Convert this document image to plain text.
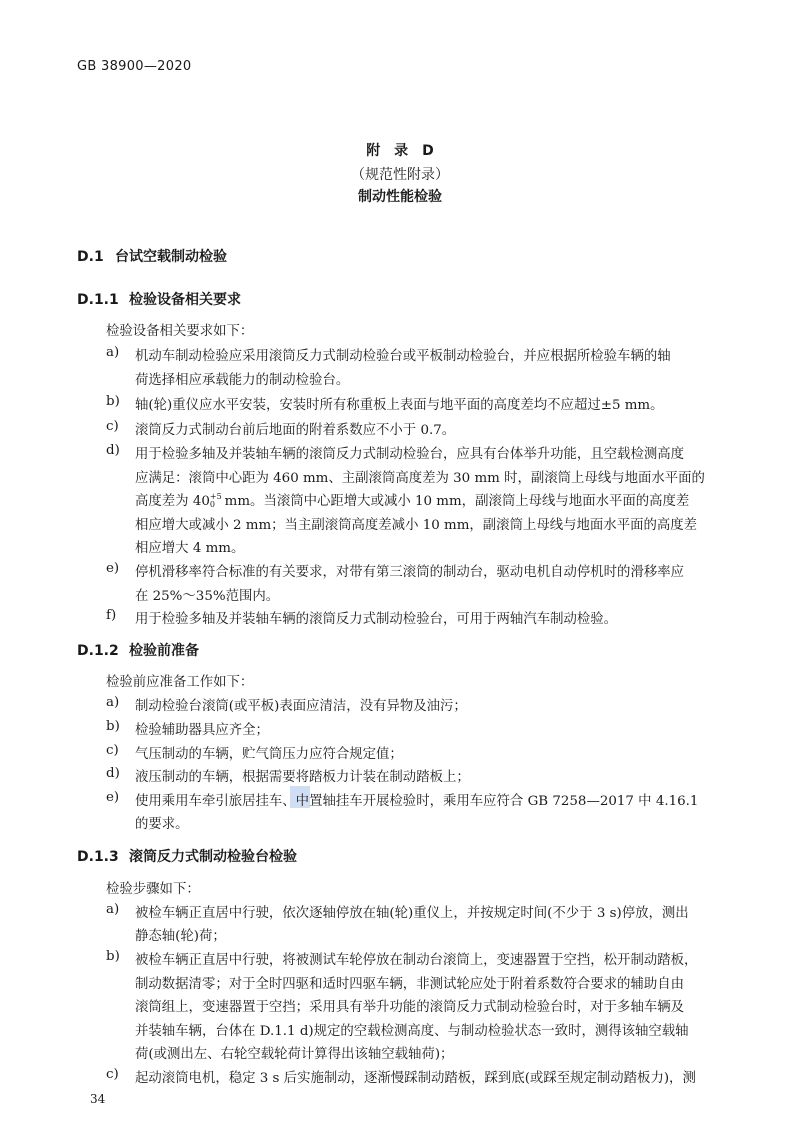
GB 38900—2020
附　录　D
（规范性附录）
制动性能检验
D.1 台试空载制动检验
D.1.1 检验设备相关要求
检验设备相关要求如下：
a) 机动车制动检验应采用滚筒反力式制动检验台或平板制动检验台，并应根据所检验车辆的轴
荷选择相应承载能力的制动检验台。
b) 轴(轮)重仪应水平安装，安装时所有称重板上表面与地平面的高度差均不应超过±5 mm。
c) 滚筒反力式制动台前后地面的附着系数应不小于 0.7。
d) 用于检验多轴及并装轴车辆的滚筒反力式制动检验台，应具有台体举升功能，且空载检测高度
应满足：滚筒中心距为 460 mm、主副滚筒高度差为 30 mm 时，副滚筒上母线与地面水平面的
高度差为 40 $^{+5 0}$ mm。当滚筒中心距增大或减小 10 mm，副滚筒上母线与地面水平面的高度差
相应增大或减小 2 mm；当主副滚筒高度差减小 10 mm，副滚筒上母线与地面水平面的高度差
相应增大 4 mm。
e) 停机滑移率符合标准的有关要求，对带有第三滚筒的制动台，驱动电机自动停机时的滑移率应
在 25%～35%范围内。
f) 用于检验多轴及并装轴车辆的滚筒反力式制动检验台，可用于两轴汽车制动检验。
D.1.2 检验前准备
检验前应准备工作如下：
a) 制动检验台滚筒(或平板)表面应清洁，没有异物及油污；
b) 检验辅助器具应齐全；
c) 气压制动的车辆，贮气筒压力应符合规定值；
d) 液压制动的车辆，根据需要将踏板力计装在制动踏板上；
e) 使用乘用车牵引旅居挂车、中置轴挂车开展检验时，乘用车应符合 GB 7258—2017 中 4.16.1
的要求。
D.1.3 滚筒反力式制动检验台检验
检验步骤如下：
a) 被检车辆正直居中行驶，依次逐轴停放在轴(轮)重仪上，并按规定时间(不少于 3 s)停放，测出
静态轴(轮)荷；
b) 被检车辆正直居中行驶，将被测试车轮停放在制动台滚筒上，变速器置于空挡，松开制动踏板，
制动数据清零；对于全时四驱和适时四驱车辆，非测试轮应处于附着系数符合要求的辅助自由
滚筒组上，变速器置于空挡；采用具有举升功能的滚筒反力式制动检验台时，对于多轴车辆及
并装轴车辆，台体在 D.1.1 d)规定的空载检测高度、与制动检验状态一致时，测得该轴空载轴
荷(或测出左、右轮空载轮荷计算得出该轴空载轴荷)；
c) 起动滚筒电机，稳定 3 s 后实施制动，逐渐慢踩制动踏板，踩到底(或踩至规定制动踏板力)，测
34
